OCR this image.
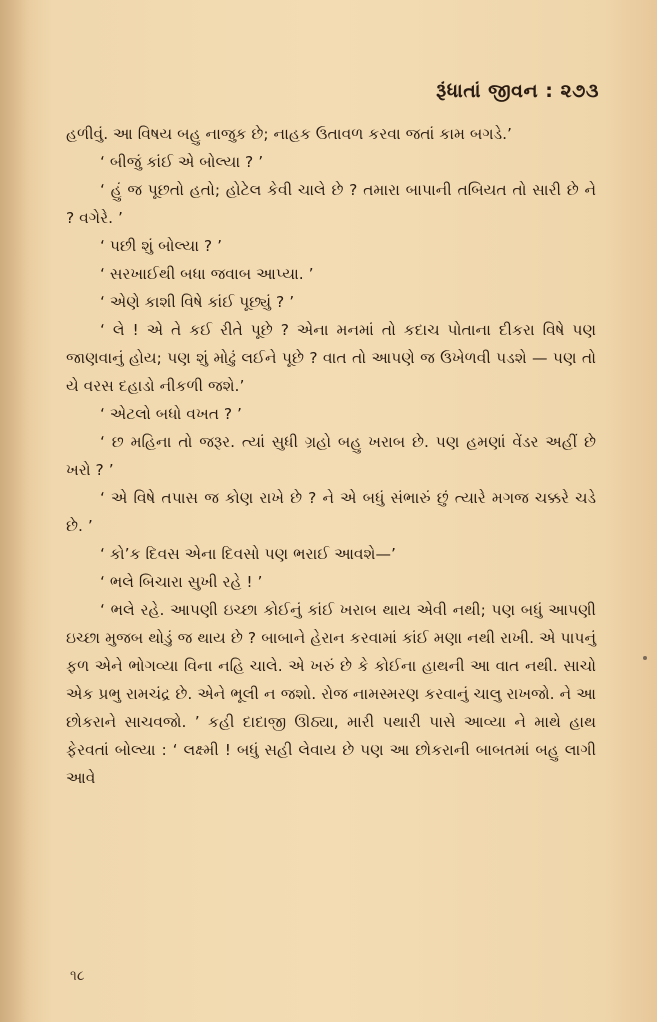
રૂંધાતાં જીવન : ૨૭૩

હળીવું. આ વિષય બહુ નાજુક છે; નાહક ઉતાવળ કરવા જતાં કામ બગડે.’

‘ બીજું કાંઈ એ બોલ્યા ? ’

‘ હું જ પૂછતો હતો; હોટેલ કેવી ચાલે છે ? તમારા બાપાની તબિયત તો સારી છે ને ? વગેરે. ’

‘ પછી શું બોલ્યા ? ’

‘ સરખાઈથી બધા જવાબ આપ્યા. ’

‘ એણે કાશી વિષે કાંઈ પૂછ્યું ? ’

‘ લે ! એ તે કઈ રીતે પૂછે ? એના મનમાં તો કદાચ પોતાના દીકરા વિષે પણ જાણવાનું હોય; પણ શું મોઢું લઈને પૂછે ? વાત તો આપણે જ ઉખેળવી પડશે — પણ તો યે વરસ દહાડો નીકળી જશે.’

‘ એટલો બધો વખત ? ’

‘ છ મહિના તો જરૂર. ત્યાં સુધી ગ્રહો બહુ ખરાબ છે. પણ હમણાં વેંડર અહીં છે ખરો ? ’

‘ એ વિષે તપાસ જ કોણ રાખે છે ? ને એ બધું સંભારું છું ત્યારે મગજ ચક્કરે ચડે છે. ’

‘ કો’ક દિવસ એના દિવસો પણ ભરાઈ આવશે—’

‘ ભલે બિચારા સુખી રહે ! ’

‘ ભલે રહે. આપણી ઇચ્છા કોઈનું કાંઈ ખરાબ થાય એવી નથી; પણ બધું આપણી ઇચ્છા મુજબ થોડું જ થાય છે ? બાબાને હેરાન કરવામાં કાંઈ મણા નથી રાખી. એ પાપનું ફળ એને ભોગવ્યા વિના નહિ ચાલે. એ ખરું છે કે કોઈના હાથની આ વાત નથી. સાચો એક પ્રભુ રામચંદ્ર છે. એને ભૂલી ન જશો. રોજ નામસ્મરણ કરવાનું ચાલુ રાખજો. ને આ છોકરાને સાચવજો. ’ કહી દાદાજી ઊઠ્યા, મારી પથારી પાસે આવ્યા ને માથે હાથ ફેરવતાં બોલ્યા : ‘ લક્ષ્મી ! બધું સહી લેવાય છે પણ આ છોકરાની બાબતમાં બહુ લાગી આવે

૧૮
